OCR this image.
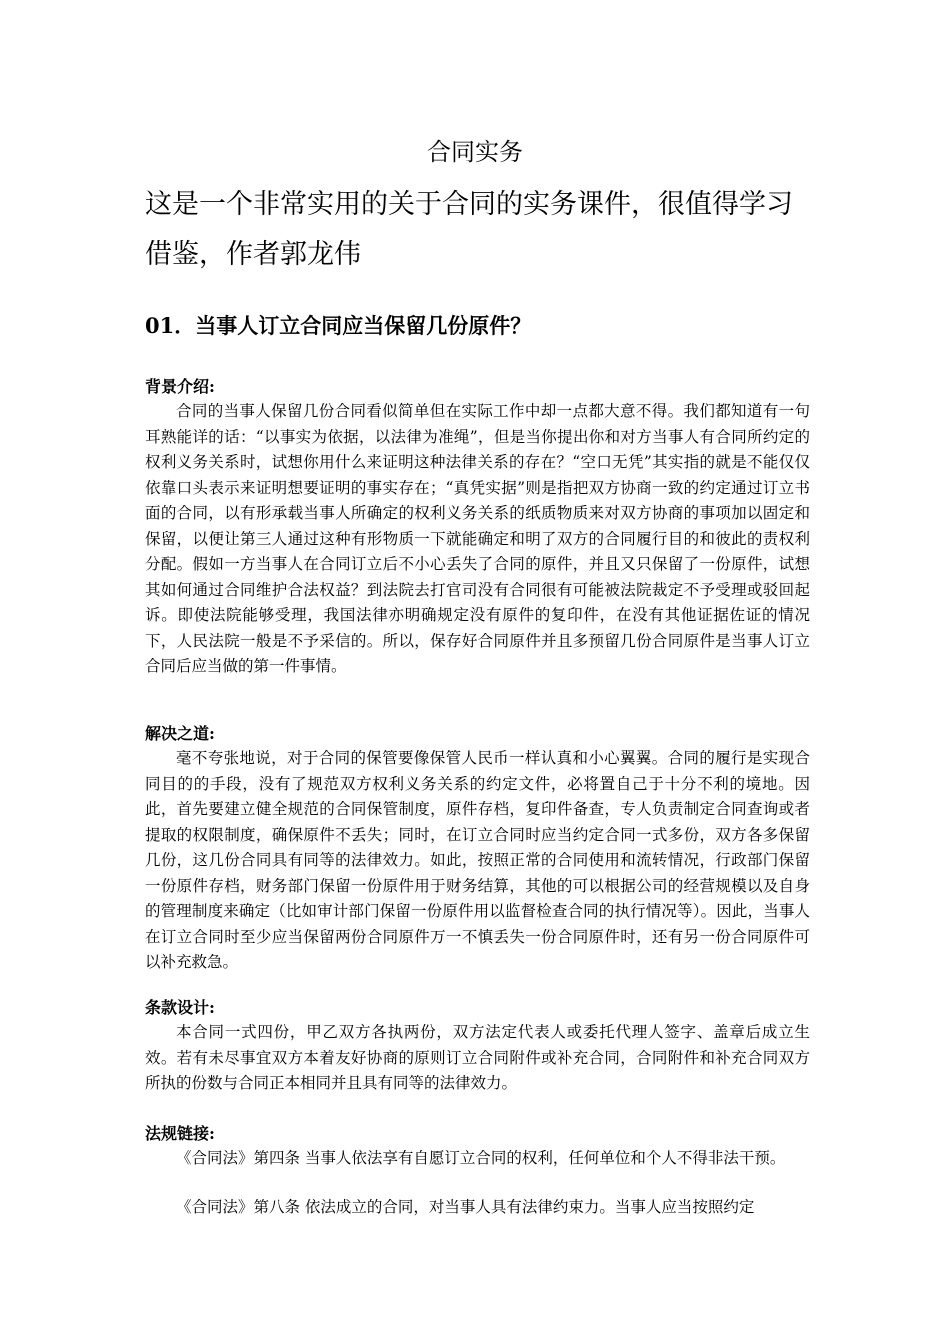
合同实务
这是一个非常实用的关于合同的实务课件，很值得学习借鉴，作者郭龙伟
01．当事人订立合同应当保留几份原件？
背景介绍:

合同的当事人保留几份合同看似简单但在实际工作中却一点都大意不得。我们都知道有一句耳熟能详的话：“以事实为依据，以法律为准绳”，但是当你提出你和对方当事人有合同所约定的权利义务关系时，试想你用什么来证明这种法律关系的存在？“空口无凭”其实指的就是不能仅仅依靠口头表示来证明想要证明的事实存在；“真凭实据”则是指把双方协商一致的约定通过订立书面的合同，以有形承载当事人所确定的权利义务关系的纸质物质来对双方协商的事项加以固定和保留，以便让第三人通过这种有形物质一下就能确定和明了双方的合同履行目的和彼此的责权利分配。假如一方当事人在合同订立后不小心丢失了合同的原件，并且又只保留了一份原件，试想其如何通过合同维护合法权益？到法院去打官司没有合同很有可能被法院裁定不予受理或驳回起诉。即使法院能够受理，我国法律亦明确规定没有原件的复印件，在没有其他证据佐证的情况下，人民法院一般是不予采信的。所以，保存好合同原件并且多预留几份合同原件是当事人订立合同后应当做的第一件事情。

解决之道:

毫不夸张地说，对于合同的保管要像保管人民币一样认真和小心翼翼。合同的履行是实现合同目的的手段，没有了规范双方权利义务关系的约定文件，必将置自己于十分不利的境地。因此，首先要建立健全规范的合同保管制度，原件存档，复印件备查，专人负责制定合同查询或者提取的权限制度，确保原件不丢失；同时，在订立合同时应当约定合同一式多份，双方各多保留几份，这几份合同具有同等的法律效力。如此，按照正常的合同使用和流转情况，行政部门保留一份原件存档，财务部门保留一份原件用于财务结算，其他的可以根据公司的经营规模以及自身的管理制度来确定（比如审计部门保留一份原件用以监督检查合同的执行情况等）。因此，当事人在订立合同时至少应当保留两份合同原件万一不慎丢失一份合同原件时，还有另一份合同原件可以补充救急。

条款设计:

本合同一式四份，甲乙双方各执两份，双方法定代表人或委托代理人签字、盖章后成立生效。若有未尽事宜双方本着友好协商的原则订立合同附件或补充合同，合同附件和补充合同双方所执的份数与合同正本相同并且具有同等的法律效力。

法规链接:

《合同法》第四条 当事人依法享有自愿订立合同的权利，任何单位和个人不得非法干预。

《合同法》第八条 依法成立的合同，对当事人具有法律约束力。当事人应当按照约定
